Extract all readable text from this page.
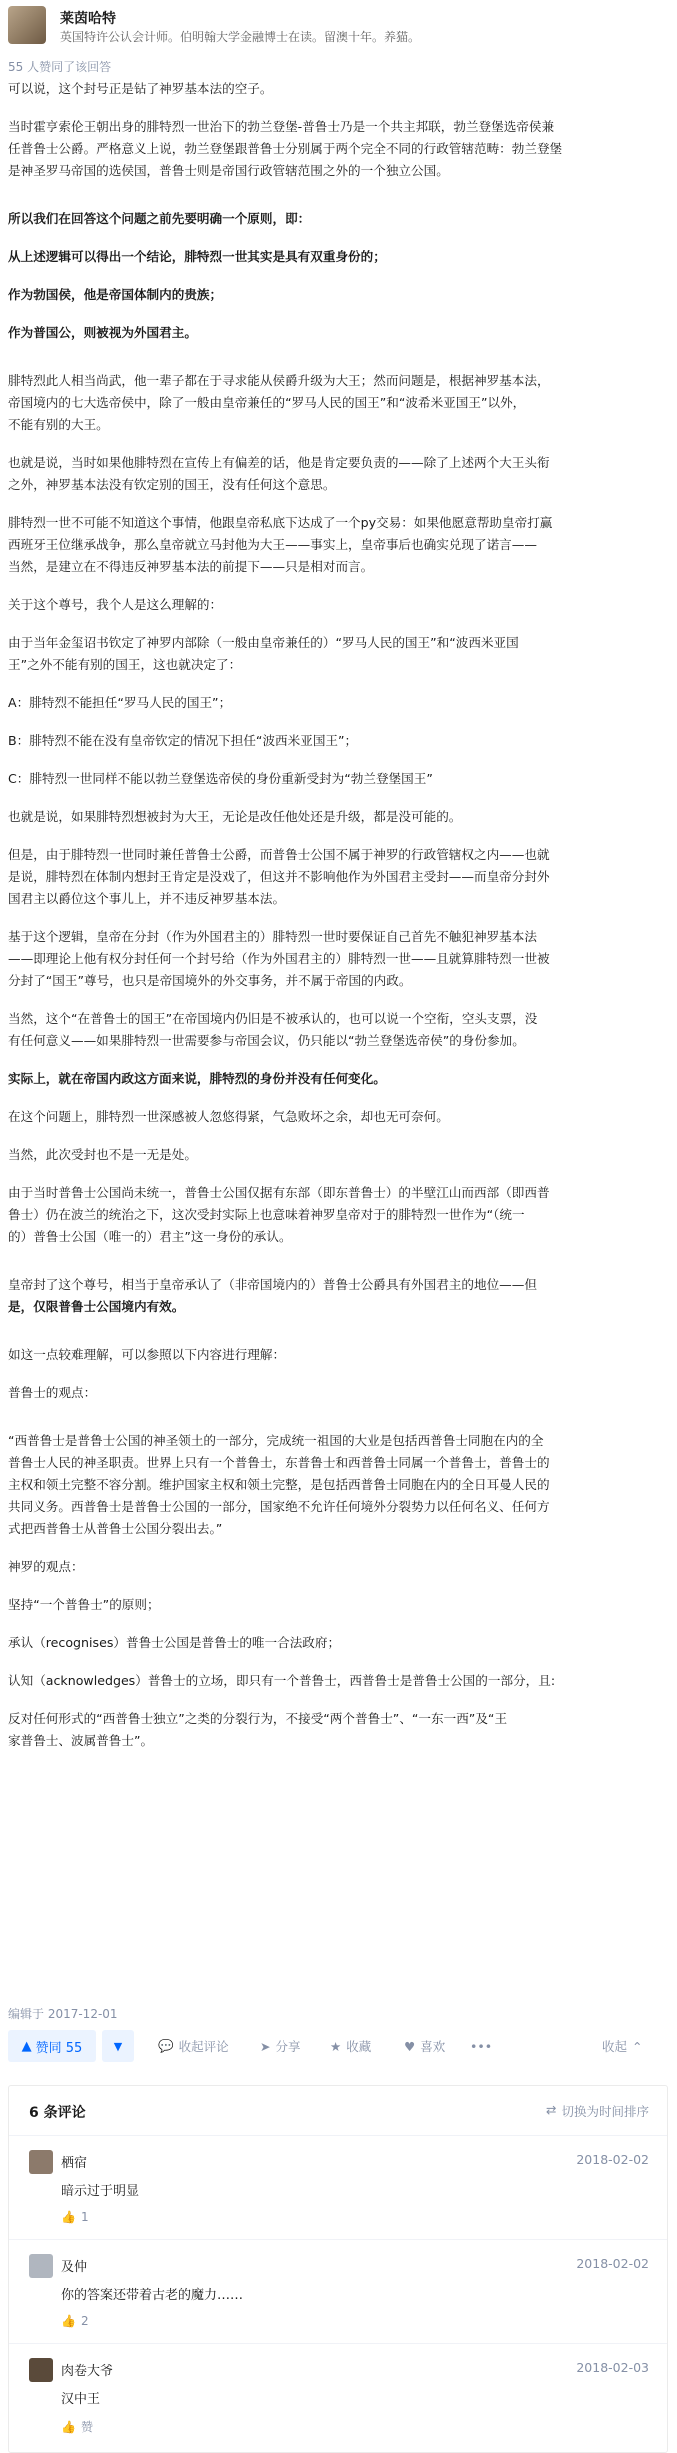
莱茵哈特
英国特许公认会计师。伯明翰大学金融博士在读。留澳十年。养猫。
55 人赞同了该回答

可以说，这个封号正是钻了神罗基本法的空子。

当时霍亨索伦王朝出身的腓特烈一世治下的勃兰登堡-普鲁士乃是一个共主邦联，勃兰登堡选帝侯兼

任普鲁士公爵。严格意义上说，勃兰登堡跟普鲁士分别属于两个完全不同的行政管辖范畴：勃兰登堡

是神圣罗马帝国的选侯国，普鲁士则是帝国行政管辖范围之外的一个独立公国。

所以我们在回答这个问题之前先要明确一个原则，即：

从上述逻辑可以得出一个结论，腓特烈一世其实是具有双重身份的；

作为勃国侯，他是帝国体制内的贵族；

作为普国公，则被视为外国君主。

腓特烈此人相当尚武，他一辈子都在于寻求能从侯爵升级为大王；然而问题是，根据神罗基本法，

帝国境内的七大选帝侯中，除了一般由皇帝兼任的“罗马人民的国王”和“波希米亚国王”以外，

不能有别的大王。

也就是说，当时如果他腓特烈在宣传上有偏差的话，他是肯定要负责的——除了上述两个大王头衔

之外，神罗基本法没有钦定别的国王，没有任何这个意思。

腓特烈一世不可能不知道这个事情，他跟皇帝私底下达成了一个py交易：如果他愿意帮助皇帝打赢

西班牙王位继承战争，那么皇帝就立马封他为大王——事实上，皇帝事后也确实兑现了诺言——

当然，是建立在不得违反神罗基本法的前提下——只是相对而言。

关于这个尊号，我个人是这么理解的：

由于当年金玺诏书钦定了神罗内部除（一般由皇帝兼任的）“罗马人民的国王”和“波西米亚国

王”之外不能有别的国王，这也就决定了：

A：腓特烈不能担任“罗马人民的国王”；

B：腓特烈不能在没有皇帝钦定的情况下担任“波西米亚国王”；

C：腓特烈一世同样不能以勃兰登堡选帝侯的身份重新受封为“勃兰登堡国王”

也就是说，如果腓特烈想被封为大王，无论是改任他处还是升级，都是没可能的。

但是，由于腓特烈一世同时兼任普鲁士公爵，而普鲁士公国不属于神罗的行政管辖权之内——也就

是说，腓特烈在体制内想封王肯定是没戏了，但这并不影响他作为外国君主受封——而皇帝分封外

国君主以爵位这个事儿上，并不违反神罗基本法。

基于这个逻辑，皇帝在分封（作为外国君主的）腓特烈一世时要保证自己首先不触犯神罗基本法

——即理论上他有权分封任何一个封号给（作为外国君主的）腓特烈一世——且就算腓特烈一世被

分封了“国王”尊号，也只是帝国境外的外交事务，并不属于帝国的内政。

当然，这个“在普鲁士的国王”在帝国境内仍旧是不被承认的，也可以说一个空衔，空头支票，没

有任何意义——如果腓特烈一世需要参与帝国会议，仍只能以“勃兰登堡选帝侯”的身份参加。

实际上，就在帝国内政这方面来说，腓特烈的身份并没有任何变化。

在这个问题上，腓特烈一世深感被人忽悠得紧，气急败坏之余，却也无可奈何。

当然，此次受封也不是一无是处。

由于当时普鲁士公国尚未统一，普鲁士公国仅据有东部（即东普鲁士）的半壁江山而西部（即西普

鲁士）仍在波兰的统治之下，这次受封实际上也意味着神罗皇帝对于的腓特烈一世作为“（统一

的）普鲁士公国（唯一的）君主”这一身份的承认。

皇帝封了这个尊号，相当于皇帝承认了（非帝国境内的）普鲁士公爵具有外国君主的地位——但

是，仅限普鲁士公国境内有效。

如这一点较难理解，可以参照以下内容进行理解：

普鲁士的观点：

“西普鲁士是普鲁士公国的神圣领土的一部分，完成统一祖国的大业是包括西普鲁士同胞在内的全

普鲁士人民的神圣职责。世界上只有一个普鲁士，东普鲁士和西普鲁士同属一个普鲁士，普鲁士的

主权和领土完整不容分割。维护国家主权和领土完整，是包括西普鲁士同胞在内的全日耳曼人民的

共同义务。西普鲁士是普鲁士公国的一部分，国家绝不允许任何境外分裂势力以任何名义、任何方

式把西普鲁士从普鲁士公国分裂出去。”

神罗的观点：

坚持“一个普鲁士”的原则；

承认（recognises）普鲁士公国是普鲁士的唯一合法政府；

认知（acknowledges）普鲁士的立场，即只有一个普鲁士，西普鲁士是普鲁士公国的一部分，且:

反对任何形式的“西普鲁士独立”之类的分裂行为，不接受“两个普鲁士”、“一东一西”及“王

家普鲁士、波属普鲁士”。

编辑于 2017-12-01
▲ 赞同 55	▼	💬 收起评论	➤ 分享 ★ 收藏	♥ 喜欢 •••	收起 ⌃
6 条评论	⇄ 切换为时间排序
栖宿	2018-02-02
暗示过于明显
👍 1
及仲	2018-02-02
你的答案还带着古老的魔力……
👍 2
肉卷大爷	2018-02-03
汉中王
👍 赞
